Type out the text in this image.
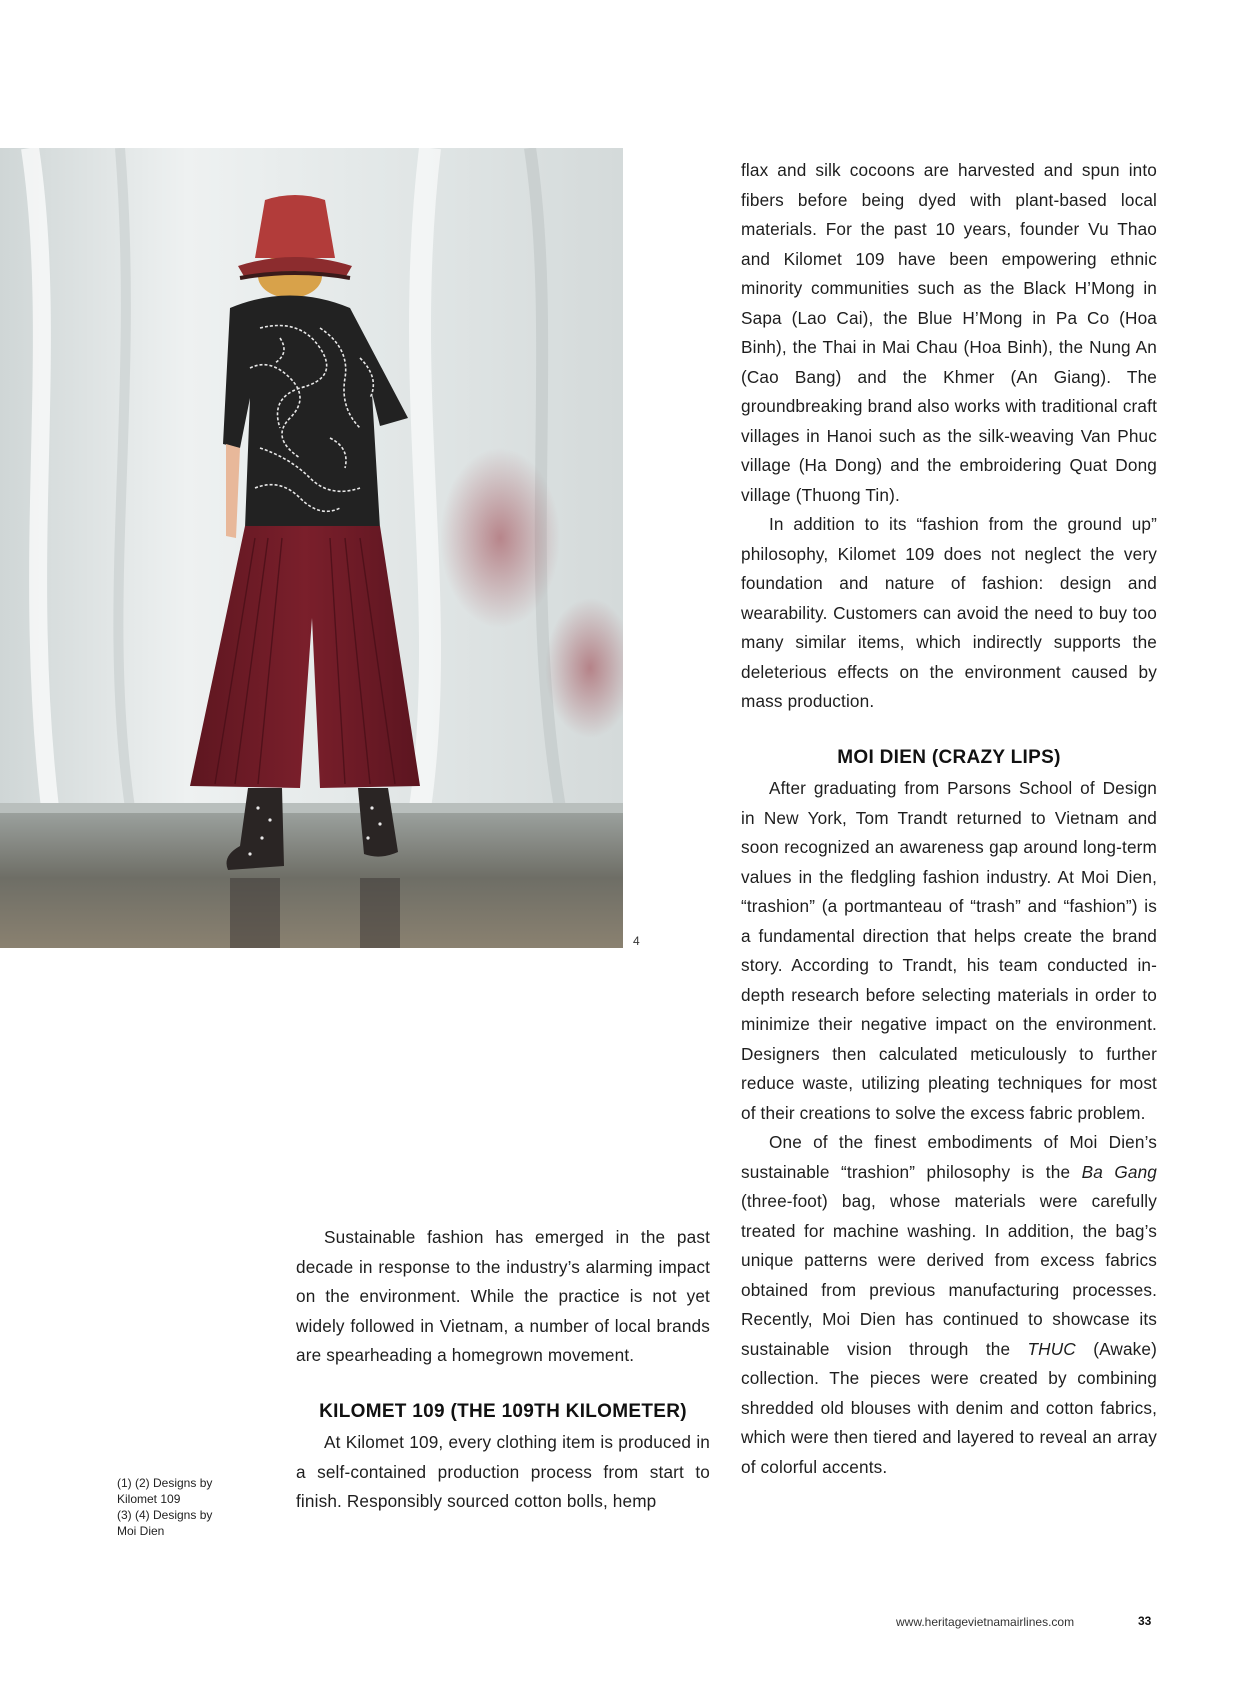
4

Sustainable fashion has emerged in the past decade in response to the industry’s alarming impact on the environment. While the practice is not yet widely followed in Vietnam, a number of local brands are spearheading a homegrown movement.

KILOMET 109 (THE 109TH KILOMETER)

At Kilomet 109, every clothing item is produced in a self-contained production process from start to finish. Responsibly sourced cotton bolls, hemp

flax and silk cocoons are harvested and spun into fibers before being dyed with plant-based local materials. For the past 10 years, founder Vu Thao and Kilomet 109 have been empowering ethnic minority communities such as the Black H’Mong in Sapa (Lao Cai), the Blue H’Mong in Pa Co (Hoa Binh), the Thai in Mai Chau (Hoa Binh), the Nung An (Cao Bang) and the Khmer (An Giang). The groundbreaking brand also works with traditional craft villages in Hanoi such as the silk-weaving Van Phuc village (Ha Dong) and the embroidering Quat Dong village (Thuong Tin).

In addition to its “fashion from the ground up” philosophy, Kilomet 109 does not neglect the very foundation and nature of fashion: design and wearability. Customers can avoid the need to buy too many similar items, which indirectly supports the deleterious effects on the environment caused by mass production.

MOI DIEN (CRAZY LIPS)

After graduating from Parsons School of Design in New York, Tom Trandt returned to Vietnam and soon recognized an awareness gap around long-term values in the fledgling fashion industry. At Moi Dien, “trashion” (a portmanteau of “trash” and “fashion”) is a fundamental direction that helps create the brand story. According to Trandt, his team conducted in-depth research before selecting materials in order to minimize their negative impact on the environment. Designers then calculated meticulously to further reduce waste, utilizing pleating techniques for most of their creations to solve the excess fabric problem.

One of the finest embodiments of Moi Dien’s sustainable “trashion” philosophy is the Ba Gang (three-foot) bag, whose materials were carefully treated for machine washing. In addition, the bag’s unique patterns were derived from excess fabrics obtained from previous manufacturing processes. Recently, Moi Dien has continued to showcase its sustainable vision through the THUC (Awake) collection. The pieces were created by combining shredded old blouses with denim and cotton fabrics, which were then tiered and layered to reveal an array of colorful accents.

(1) (2) Designs by
Kilomet 109
(3) (4) Designs by
Moi Dien
www.heritagevietnamairlines.com	33
